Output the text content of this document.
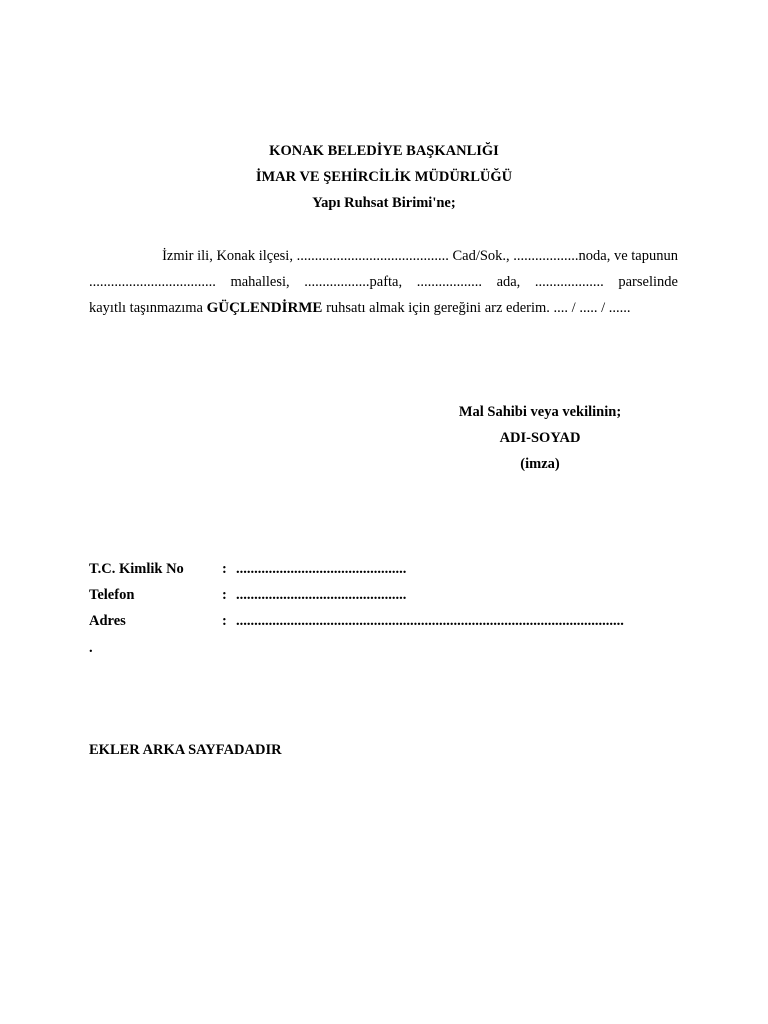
KONAK BELEDİYE BAŞKANLIĞI
İMAR VE ŞEHİRCİLİK MÜDÜRLÜĞÜ
Yapı Ruhsat Birimi'ne;
İzmir ili, Konak ilçesi, .......................................... Cad/Sok., ..................noda, ve tapunun
................................... mahallesi, ..................pafta, .................. ada, ................... parselinde
kayıtlı taşınmazıma GÜÇLENDİRME ruhsatı almak için gereğini arz ederim. .... / ..... / ......
Mal Sahibi veya vekilinin;
ADI-SOYAD
(imza)
T.C. Kimlik No	: ...............................................
Telefon	: ...............................................
Adres	: ...........................................................................................................
.
EKLER ARKA SAYFADADIR
